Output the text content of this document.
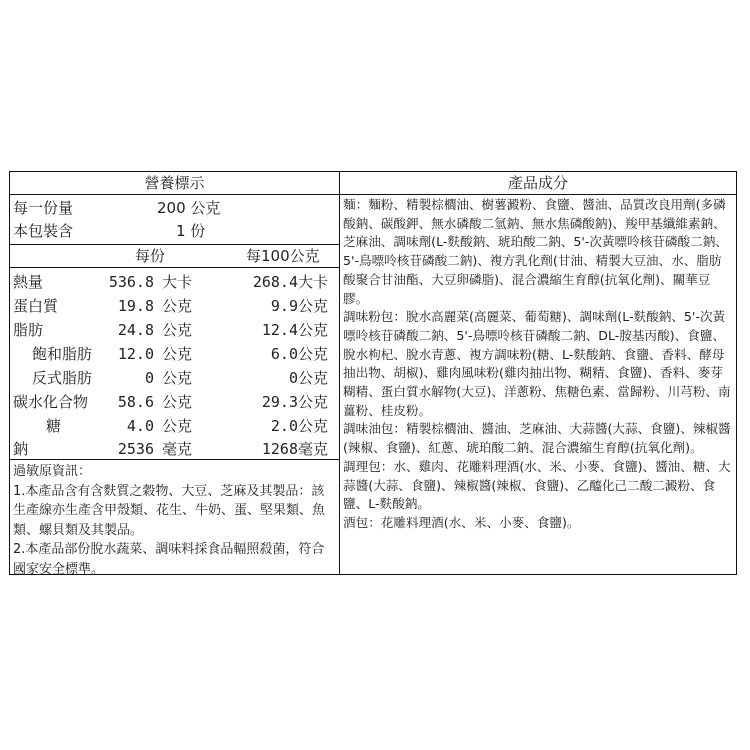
營養標示	產品成分
每一份量	200 公克
本包裝含	1 份
每份	每100公克
熱量	536.8 大卡	268.4 大卡
蛋白質	19.8 公克	9.9 公克
脂肪	24.8 公克	12.4 公克
飽和脂肪 12.0 公克	6.0 公克
反式脂肪	0 公克	0 公克
碳水化合物 58.6 公克	29.3 公克
糖	4.0 公克	2.0 公克
鈉	2536 毫克	1268 毫克

過敏原資訊：

1.本產品含有含麩質之穀物、大豆、芝麻及其製品：該生產線亦生產含甲殼類、花生、牛奶、蛋、堅果類、魚類、螺貝類及其製品。

2.本產品部份脫水蔬菜、調味料採食品輻照殺菌，符合國家安全標準。

麵：麵粉、精製棕櫚油、樹薯澱粉、食鹽、醬油、品質改良用劑(多磷酸鈉、碳酸鉀、無水磷酸二氫鈉、無水焦磷酸鈉)、羧甲基纖維素鈉、芝麻油、調味劑(L-麩酸鈉、琥珀酸二鈉、5'-次黃嘌呤核苷磷酸二鈉、5'-鳥嘌呤核苷磷酸二鈉)、複方乳化劑(甘油、精製大豆油、水、脂肪酸聚合甘油酯、大豆卵磷脂)、混合濃縮生育醇(抗氧化劑)、關華豆膠。

調味粉包：脫水高麗菜(高麗菜、葡萄糖)、調味劑(L-麩酸鈉、5'-次黃嘌呤核苷磷酸二鈉、5'-鳥嘌呤核苷磷酸二鈉、DL-胺基丙酸)、食鹽、脫水枸杞、脫水青蔥、複方調味粉(糖、L-麩酸鈉、食鹽、香料、酵母抽出物、胡椒)、雞肉風味粉(雞肉抽出物、糊精、食鹽)、香料、麥芽糊精、蛋白質水解物(大豆)、洋蔥粉、焦糖色素、當歸粉、川芎粉、南薑粉、桂皮粉。

調味油包：精製棕櫚油、醬油、芝麻油、大蒜醬(大蒜、食鹽)、辣椒醬(辣椒、食鹽)、紅蔥、琥珀酸二鈉、混合濃縮生育醇(抗氧化劑)。

調理包：水、雞肉、花雕料理酒(水、米、小麥、食鹽)、醬油、糖、大蒜醬(大蒜、食鹽)、辣椒醬(辣椒、食鹽)、乙醯化己二酸二澱粉、食鹽、L-麩酸鈉。

酒包：花雕料理酒(水、米、小麥、食鹽)。
